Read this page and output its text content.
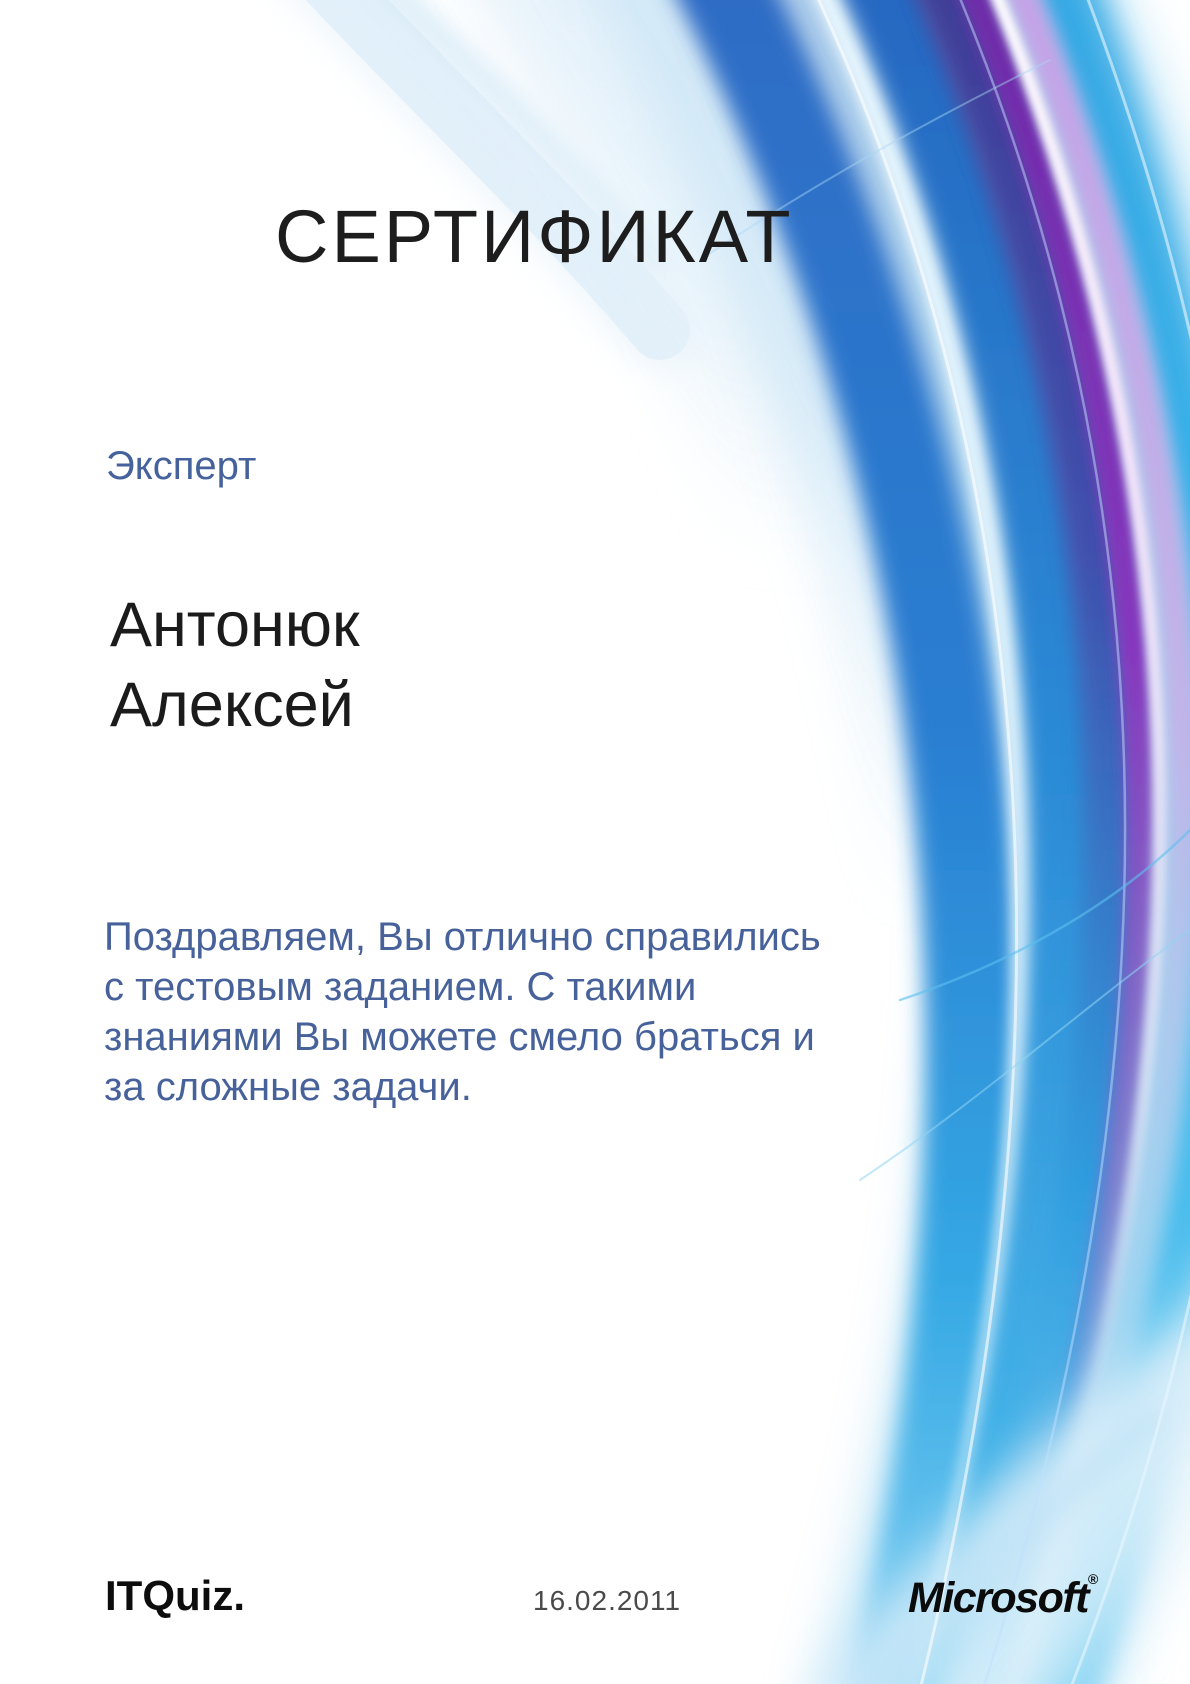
СЕРТИФИКАТ
Эксперт
Антонюк
Алексей
Поздравляем, Вы отлично справились
с тестовым заданием. С такими
знаниями Вы можете смело браться и
за сложные задачи.
ITQuiz.	16.02.2011	Microsoft®
